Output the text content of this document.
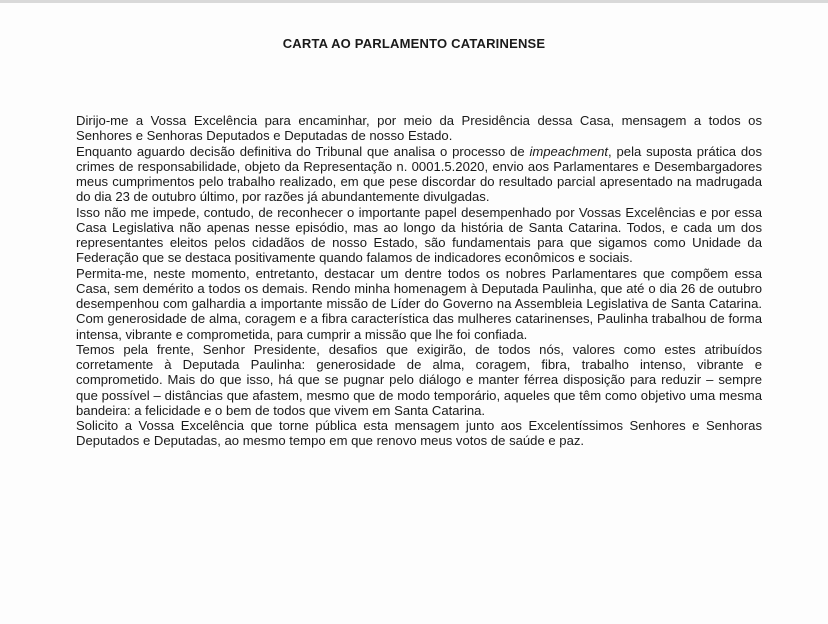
CARTA AO PARLAMENTO CATARINENSE

Dirijo-me a Vossa Excelência para encaminhar, por meio da Presidência dessa Casa, mensagem a todos os Senhores e Senhoras Deputados e Deputadas de nosso Estado.

Enquanto aguardo decisão definitiva do Tribunal que analisa o processo de impeachment, pela suposta prática dos crimes de responsabilidade, objeto da Representação n. 0001.5.2020, envio aos Parlamentares e Desembargadores meus cumprimentos pelo trabalho realizado, em que pese discordar do resultado parcial apresentado na madrugada do dia 23 de outubro último, por razões já abundantemente divulgadas.

Isso não me impede, contudo, de reconhecer o importante papel desempenhado por Vossas Excelências e por essa Casa Legislativa não apenas nesse episódio, mas ao longo da história de Santa Catarina. Todos, e cada um dos representantes eleitos pelos cidadãos de nosso Estado, são fundamentais para que sigamos como Unidade da Federação que se destaca positivamente quando falamos de indicadores econômicos e sociais.

Permita-me, neste momento, entretanto, destacar um dentre todos os nobres Parlamentares que compõem essa Casa, sem demérito a todos os demais. Rendo minha homenagem à Deputada Paulinha, que até o dia 26 de outubro desempenhou com galhardia a importante missão de Líder do Governo na Assembleia Legislativa de Santa Catarina. Com generosidade de alma, coragem e a fibra característica das mulheres catarinenses, Paulinha trabalhou de forma intensa, vibrante e comprometida, para cumprir a missão que lhe foi confiada.

Temos pela frente, Senhor Presidente, desafios que exigirão, de todos nós, valores como estes atribuídos corretamente à Deputada Paulinha: generosidade de alma, coragem, fibra, trabalho intenso, vibrante e comprometido. Mais do que isso, há que se pugnar pelo diálogo e manter férrea disposição para reduzir – sempre que possível – distâncias que afastem, mesmo que de modo temporário, aqueles que têm como objetivo uma mesma bandeira: a felicidade e o bem de todos que vivem em Santa Catarina.

Solicito a Vossa Excelência que torne pública esta mensagem junto aos Excelentíssimos Senhores e Senhoras Deputados e Deputadas, ao mesmo tempo em que renovo meus votos de saúde e paz.
